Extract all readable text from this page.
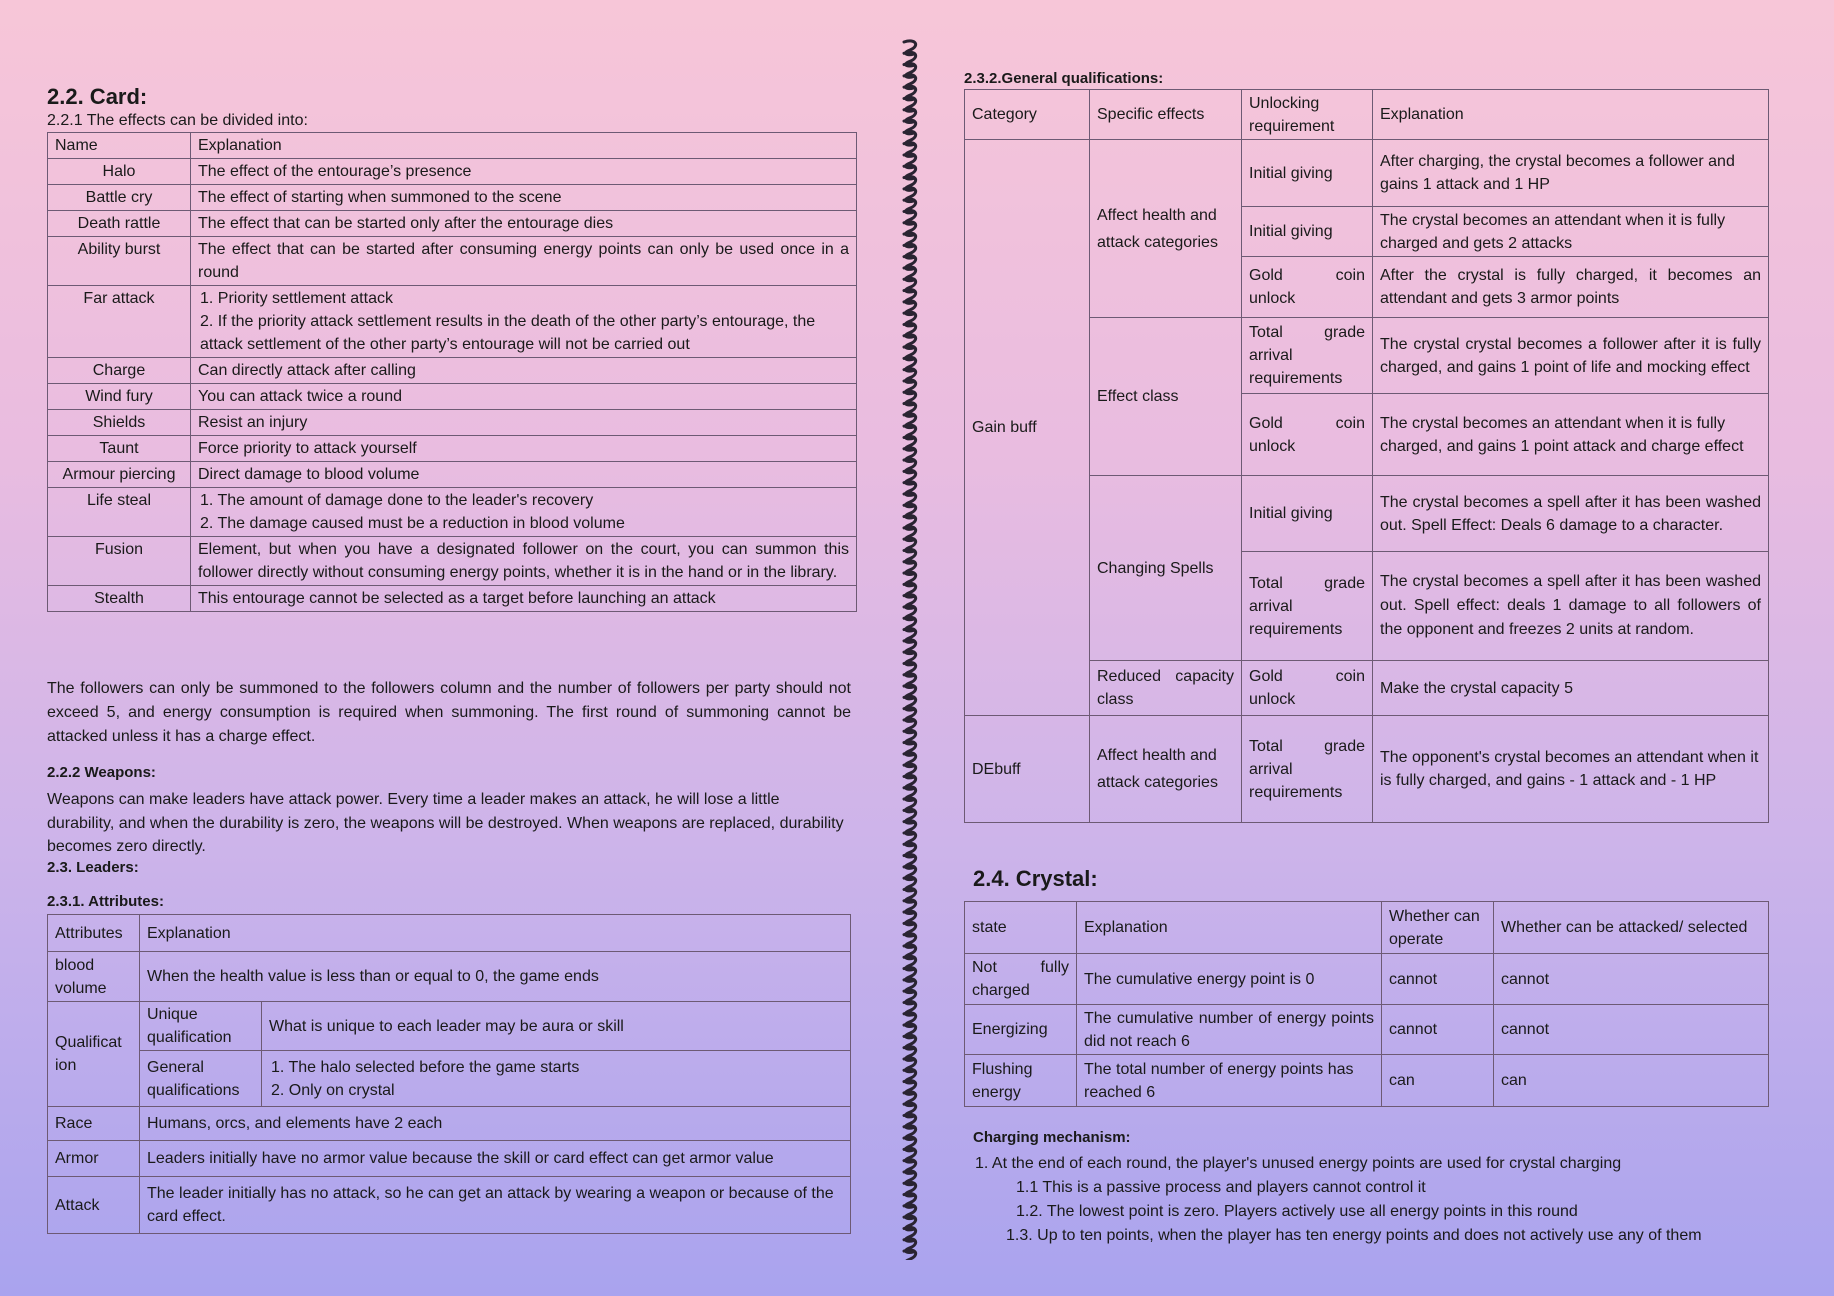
2.2. Card:
2.2.1 The effects can be divided into:
Name	Explanation
Halo	The effect of the entourage’s presence

Battle cry	The effect of starting when summoned to the scene

Death rattle	The effect that can be started only after the entourage dies

Ability burst	The effect that can be started after consuming energy points can only be used once in a round

Far attack	1. Priority settlement attack
2. If the priority attack settlement results in the death of the other party’s entourage, the attack settlement of the other party’s entourage will not be carried out

Charge	Can directly attack after calling

Wind fury	You can attack twice a round

Shields	Resist an injury

Taunt	Force priority to attack yourself

Armour piercing	Direct damage to blood volume

Life steal	1. The amount of damage done to the leader's recovery
2. The damage caused must be a reduction in blood volume

Fusion	Element, but when you have a designated follower on the court, you can summon this follower directly without consuming energy points, whether it is in the hand or in the library.

Stealth	This entourage cannot be selected as a target before launching an attack
The followers can only be summoned to the followers column and the number of followers per party should not exceed 5, and energy consumption is required when summoning. The first round of summoning cannot be attacked unless it has a charge effect.
2.2.2 Weapons:
Weapons can make leaders have attack power. Every time a leader makes an attack, he will lose a little durability, and when the durability is zero, the weapons will be destroyed. When weapons are replaced, durability becomes zero directly.
2.3. Leaders:
2.3.1. Attributes:
Attributes	Explanation	
blood volume	When the health value is less than or equal to 0, the game ends	
Qualificat ion	Unique qualification	What is unique to each leader may be aura or skill
	General qualifications	1. The halo selected before the game starts
2. Only on crystal

Race	Humans, orcs, and elements have 2 each	
Armor	Leaders initially have no armor value because the skill or card effect can get armor value	
Attack	The leader initially has no attack, so he can get an attack by wearing a weapon or because of the card effect.	
2.3.2.General qualifications:
Category	Specific effects	Unlocking requirement	Explanation
Gain buff	Affect health and attack categories	Initial giving	After charging, the crystal becomes a follower and gains 1 attack and 1 HP
		Initial giving	The crystal becomes an attendant when it is fully charged and gets 2 attacks
		Gold coin unlock	After the crystal is fully charged, it becomes an attendant and gets 3 armor points
	Effect class	Total grade arrival requirements	The crystal crystal becomes a follower after it is fully charged, and gains 1 point of life and mocking effect
		Gold coin unlock	The crystal becomes an attendant when it is fully charged, and gains 1 point attack and charge effect
	Changing Spells	Initial giving	The crystal becomes a spell after it has been washed out. Spell Effect: Deals 6 damage to a character.
		Total grade arrival requirements	The crystal becomes a spell after it has been washed out. Spell effect: deals 1 damage to all followers of the opponent and freezes 2 units at random.
	Reduced capacity class	Gold coin unlock	Make the crystal capacity 5
DEbuff	Affect health and attack categories	Total grade arrival requirements	The opponent's crystal becomes an attendant when it is fully charged, and gains - 1 attack and - 1 HP
2.4. Crystal:
state	Explanation	Whether can operate	Whether can be attacked/ selected
Not fully charged	The cumulative energy point is 0	cannot	cannot
Energizing	The cumulative number of energy points did not reach 6	cannot	cannot
Flushing energy	The total number of energy points has reached 6	can	can
Charging mechanism:
1. At the end of each round, the player's unused energy points are used for crystal charging
1.1 This is a passive process and players cannot control it
1.2. The lowest point is zero. Players actively use all energy points in this round
1.3. Up to ten points, when the player has ten energy points and does not actively use any of them
